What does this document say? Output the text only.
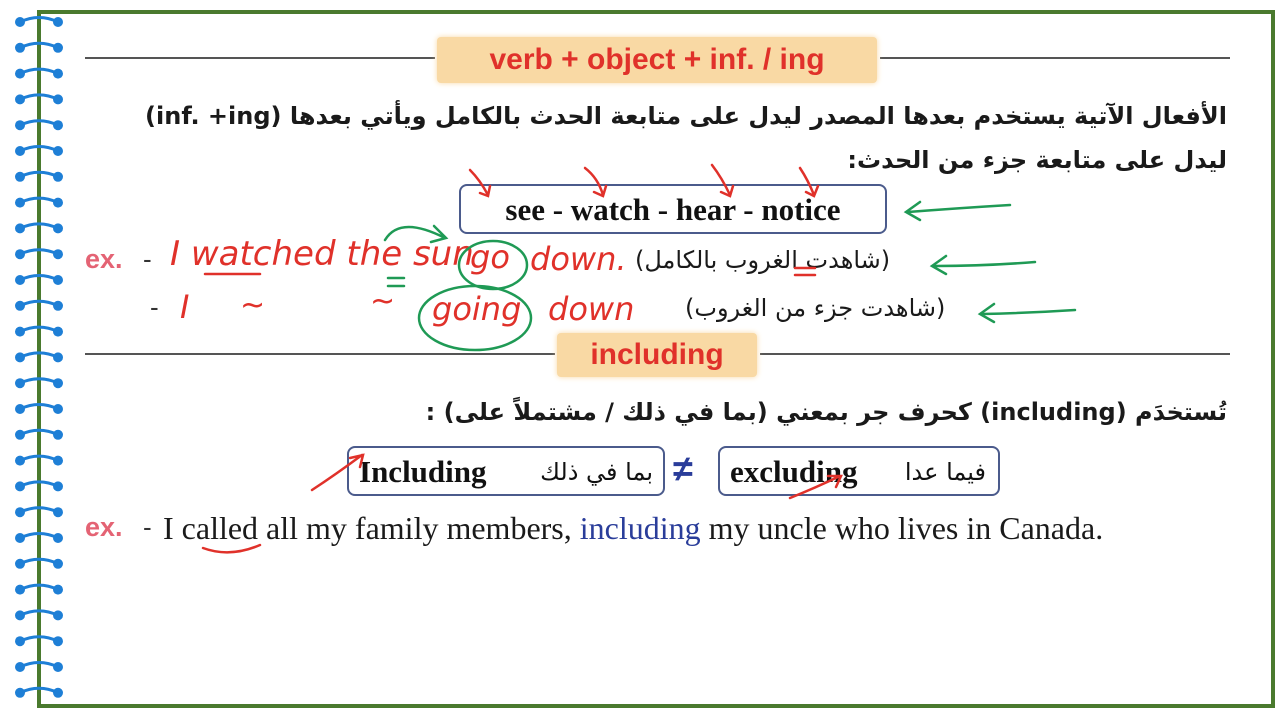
verb + object + inf. / ing
الأفعال الآتية يستخدم بعدها المصدر ليدل على متابعة الحدث بالكامل ويأتي بعدها (inf. +ing)
ليدل على متابعة جزء من الحدث:
see - watch - hear - notice
ex. - I watched the sun
go down. (شاهدت الغروب بالكامل)
- I ~	~ going down (شاهدت جزء من الغروب)
including
تُستخدَم (including) كحرف جر بمعني (بما في ذلك / مشتملاً على) :
Including بما في ذلك ≠ excluding فيما عدا
ex. - I called all my family members, including my uncle who lives in Canada.
